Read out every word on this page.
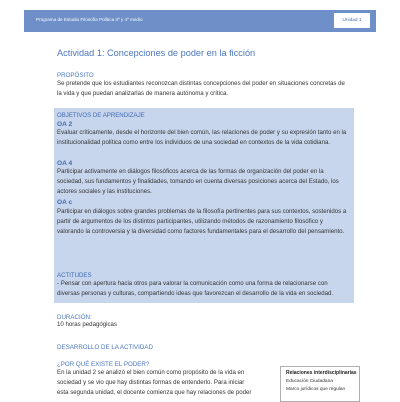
Programa de Estudio Filosofía Política 3º y 4º medio	Unidad 1
Actividad 1: Concepciones de poder en la ficción
PROPÓSITO
Se pretende que los estudiantes reconozcan distintas concepciones del poder en situaciones concretas de la vida y que puedan analizarlas de manera autónoma y crítica.
OBJETIVOS DE APRENDIZAJE
OA 2
Evaluar críticamente, desde el horizonte del bien común, las relaciones de poder y su expresión tanto en la institucionalidad política como entre los individuos de una sociedad en contextos de la vida cotidiana.
OA 4
Participar activamente en diálogos filosóficos acerca de las formas de organización del poder en la sociedad, sus fundamentos y finalidades, tomando en cuenta diversas posiciones acerca del Estado, los actores sociales y las instituciones.
OA c
Participar en diálogos sobre grandes problemas de la filosofía pertinentes para sus contextos, sostenidos a partir de argumentos de los distintos participantes, utilizando métodos de razonamiento filosófico y valorando la controversia y la diversidad como factores fundamentales para el desarrollo del pensamiento.
ACTITUDES
- Pensar con apertura hacia otros para valorar la comunicación como una forma de relacionarse con diversas personas y culturas, compartiendo ideas que favorezcan el desarrollo de la vida en sociedad.
DURACIÓN:
10 horas pedagógicas
DESARROLLO DE LA ACTIVIDAD
¿POR QUÉ EXISTE EL PODER?
En la unidad 2 se analizó el bien común como propósito de la vida en
sociedad y se vio que hay distintas formas de entenderlo. Para iniciar
esta segunda unidad, el docente comienza que hay relaciones de poder
Relaciones interdisciplinarias
Educación Ciudadana
Marco jurídicos que regulan
